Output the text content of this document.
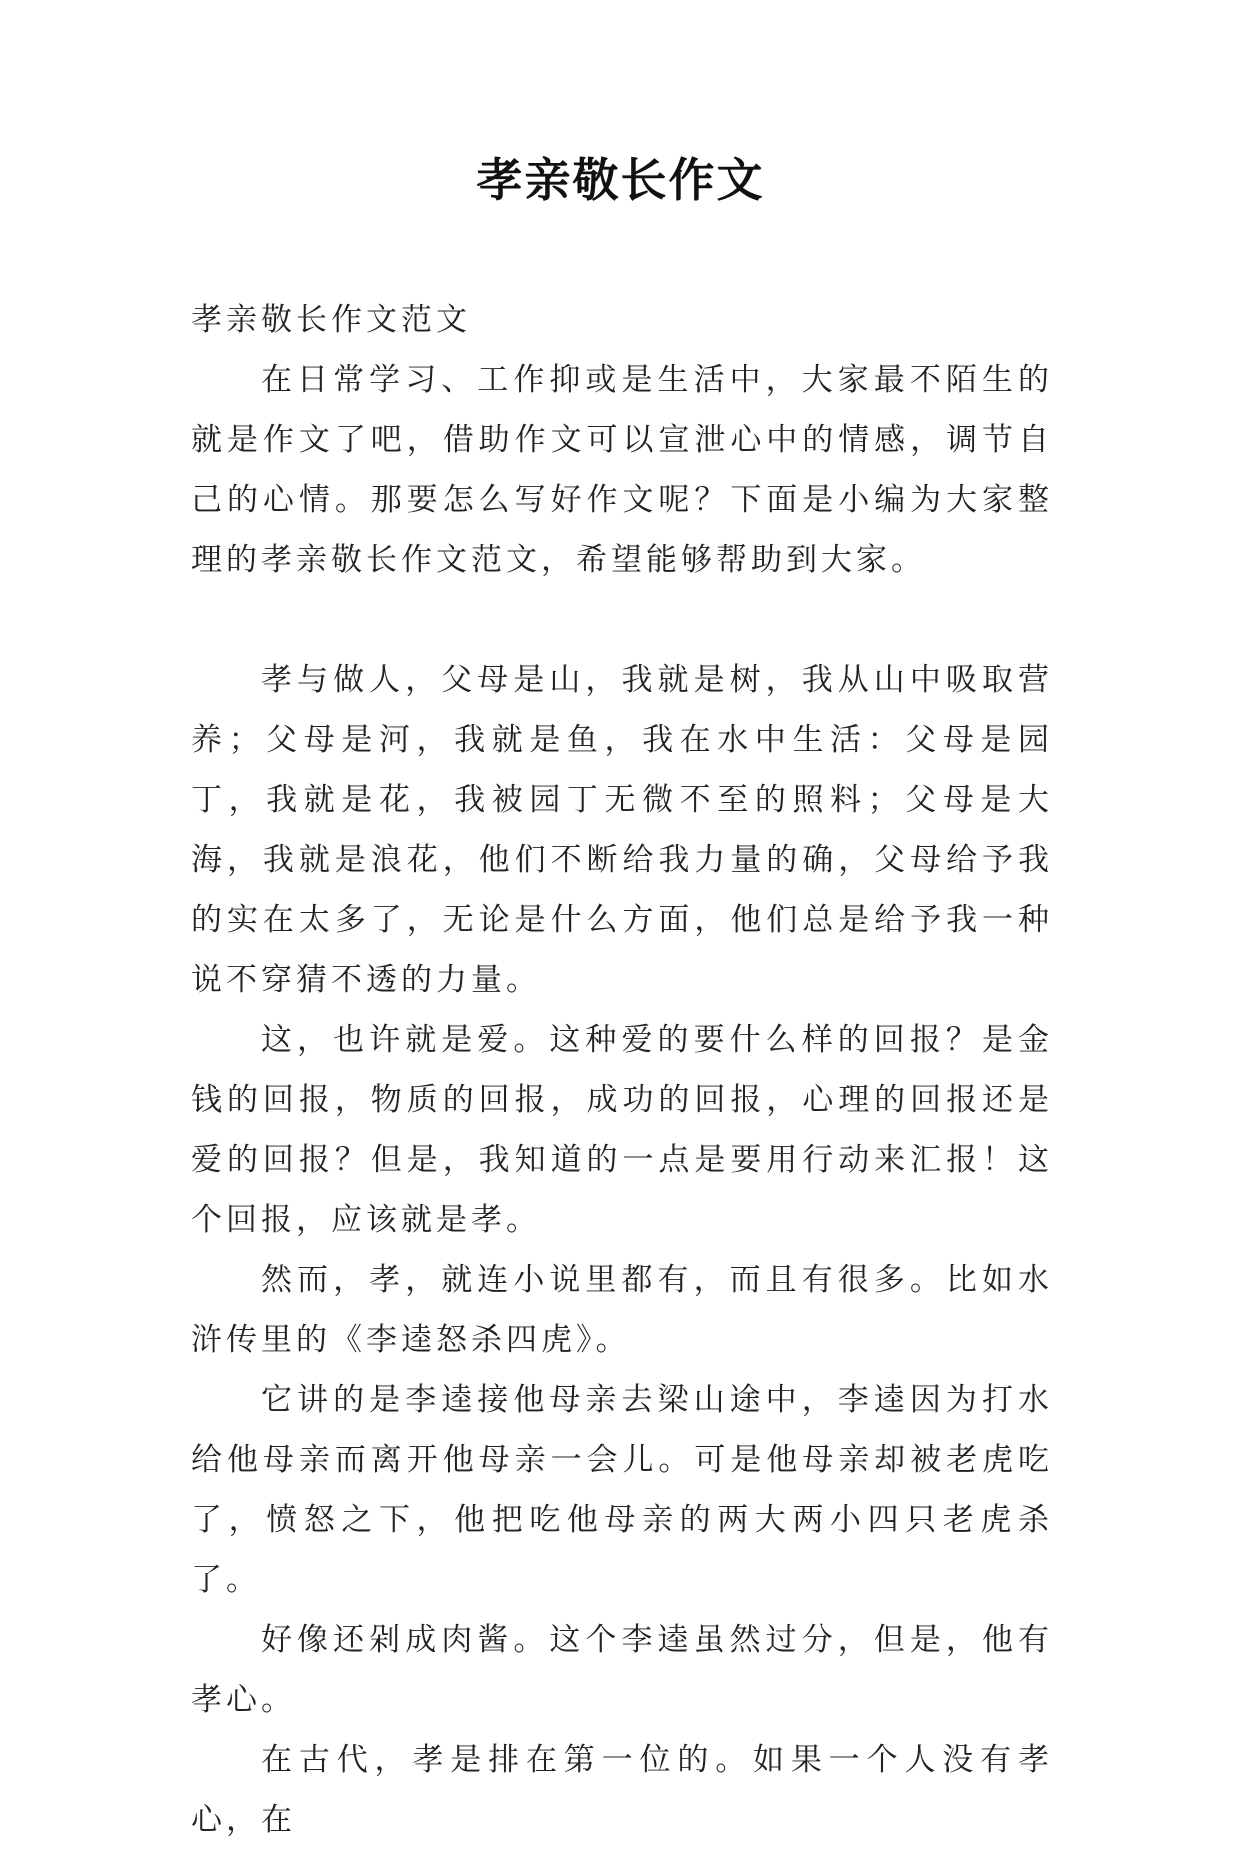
孝亲敬长作文

孝亲敬长作文范文

在日常学习、工作抑或是生活中，大家最不陌生的就是作文了吧，借助作文可以宣泄心中的情感，调节自己的心情。那要怎么写好作文呢？下面是小编为大家整理的孝亲敬长作文范文，希望能够帮助到大家。

孝与做人，父母是山，我就是树，我从山中吸取营养；父母是河，我就是鱼，我在水中生活：父母是园丁，我就是花，我被园丁无微不至的照料；父母是大海，我就是浪花，他们不断给我力量的确，父母给予我的实在太多了，无论是什么方面，他们总是给予我一种说不穿猜不透的力量。

这，也许就是爱。这种爱的要什么样的回报？是金钱的回报，物质的回报，成功的回报，心理的回报还是爱的回报？但是，我知道的一点是要用行动来汇报！这个回报，应该就是孝。

然而，孝，就连小说里都有，而且有很多。比如水浒传里的《李逵怒杀四虎》。

它讲的是李逵接他母亲去梁山途中，李逵因为打水给他母亲而离开他母亲一会儿。可是他母亲却被老虎吃了，愤怒之下，他把吃他母亲的两大两小四只老虎杀了。

好像还剁成肉酱。这个李逵虽然过分，但是，他有孝心。

在古代，孝是排在第一位的。如果一个人没有孝心，在
